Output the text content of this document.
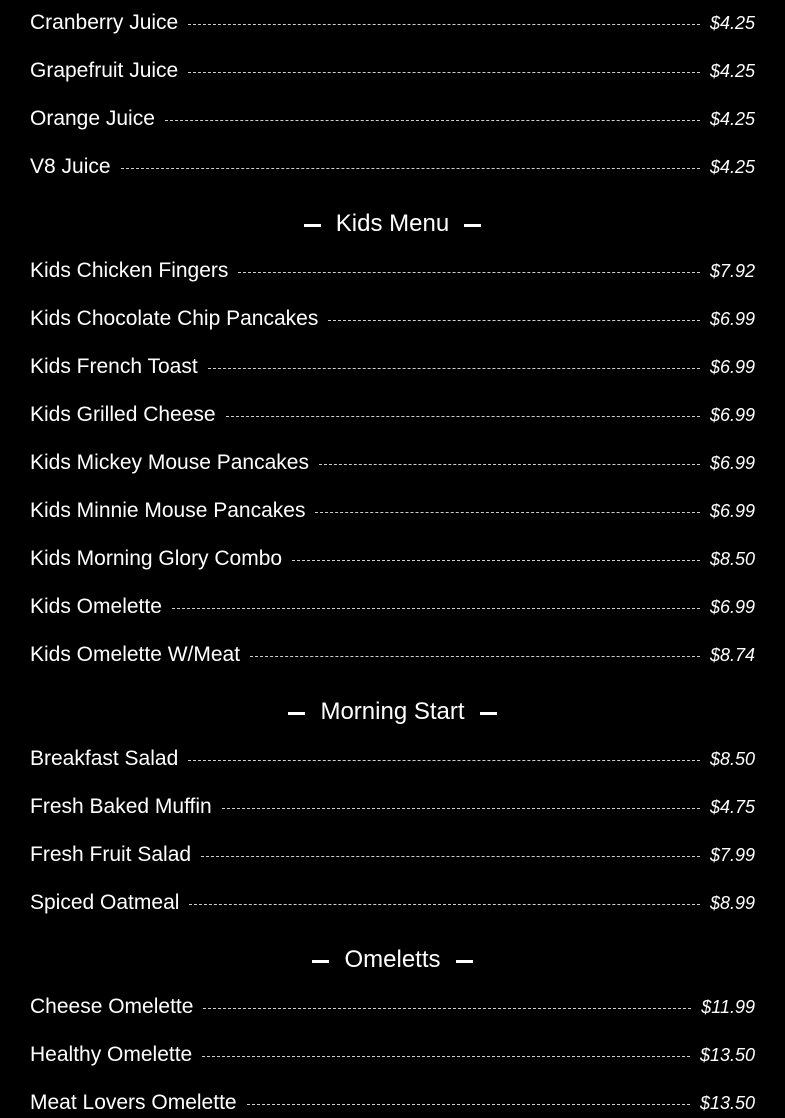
Cranberry Juice	$4.25
Grapefruit Juice	$4.25
Orange Juice	$4.25
V8 Juice	$4.25
Kids Menu
Kids Chicken Fingers	$7.92
Kids Chocolate Chip Pancakes	$6.99
Kids French Toast	$6.99
Kids Grilled Cheese	$6.99
Kids Mickey Mouse Pancakes	$6.99
Kids Minnie Mouse Pancakes	$6.99
Kids Morning Glory Combo	$8.50
Kids Omelette	$6.99
Kids Omelette W/Meat	$8.74
Morning Start
Breakfast Salad	$8.50
Fresh Baked Muffin	$4.75
Fresh Fruit Salad	$7.99
Spiced Oatmeal	$8.99
Omeletts
Cheese Omelette	$11.99
Healthy Omelette	$13.50
Meat Lovers Omelette	$13.50
